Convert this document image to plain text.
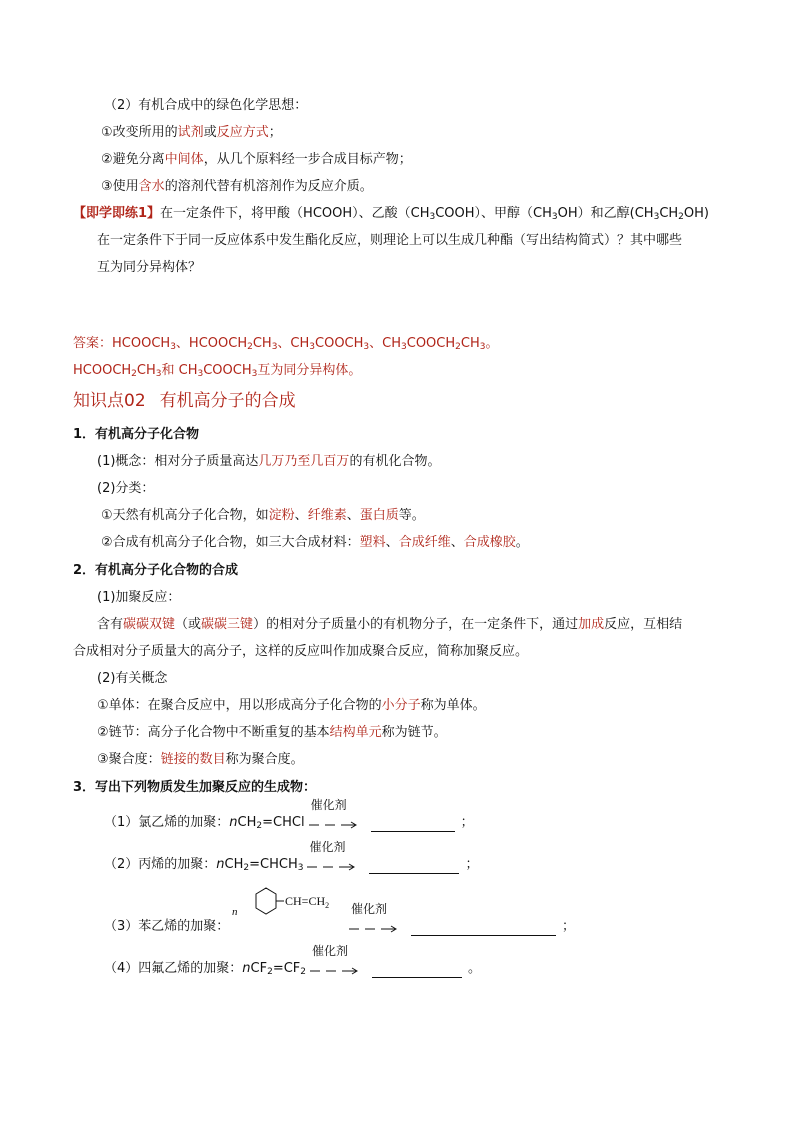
（2）有机合成中的绿色化学思想：
①改变所用的试剂或反应方式；
②避免分离中间体，从几个原料经一步合成目标产物；
③使用含水的溶剂代替有机溶剂作为反应介质。
【即学即练1】在一定条件下，将甲酸（HCOOH）、乙酸$(CH_3COOH)$、甲醇$(CH_3OH)$和乙醇$(CH_3CH_2OH)$
在一定条件下于同一反应体系中发生酯化反应，则理论上可以生成几种酯（写出结构简式）？其中哪些
互为同分异构体？
答案：$HCOOCH_3$、$HCOOCH_2CH_3$、$CH_3COOCH_3$、$CH_3COOCH_2CH_3$。
$HCOOCH_2CH_3$和 $CH_3COOCH_3$互为同分异构体。
知识点02 有机高分子的合成
1．有机高分子化合物
(1)概念：相对分子质量高达几万乃至几百万的有机化合物。
(2)分类：
①天然有机高分子化合物，如淀粉、纤维素、蛋白质等。
②合成有机高分子化合物，如三大合成材料：塑料、合成纤维、合成橡胶。
2．有机高分子化合物的合成
(1)加聚反应：
含有碳碳双键（或碳碳三键）的相对分子质量小的有机物分子，在一定条件下，通过加成反应，互相结
合成相对分子质量大的高分子，这样的反应叫作加成聚合反应，简称加聚反应。
(2)有关概念
①单体：在聚合反应中，用以形成高分子化合物的小分子称为单体。
②链节：高分子化合物中不断重复的基本结构单元称为链节。
③聚合度：链接的数目称为聚合度。
3．写出下列物质发生加聚反应的生成物：
（1）氯乙烯的加聚：nCH$_2$=CHCl
催化剂
；
（2）丙烯的加聚：$nCH_2=CHCH_3$
催化剂
；
（3）苯乙烯的加聚：
n
$CH=CH_2$ 催化剂
；
（4）四氟乙烯的加聚：$nCF_2=CF_2$
催化剂
。
